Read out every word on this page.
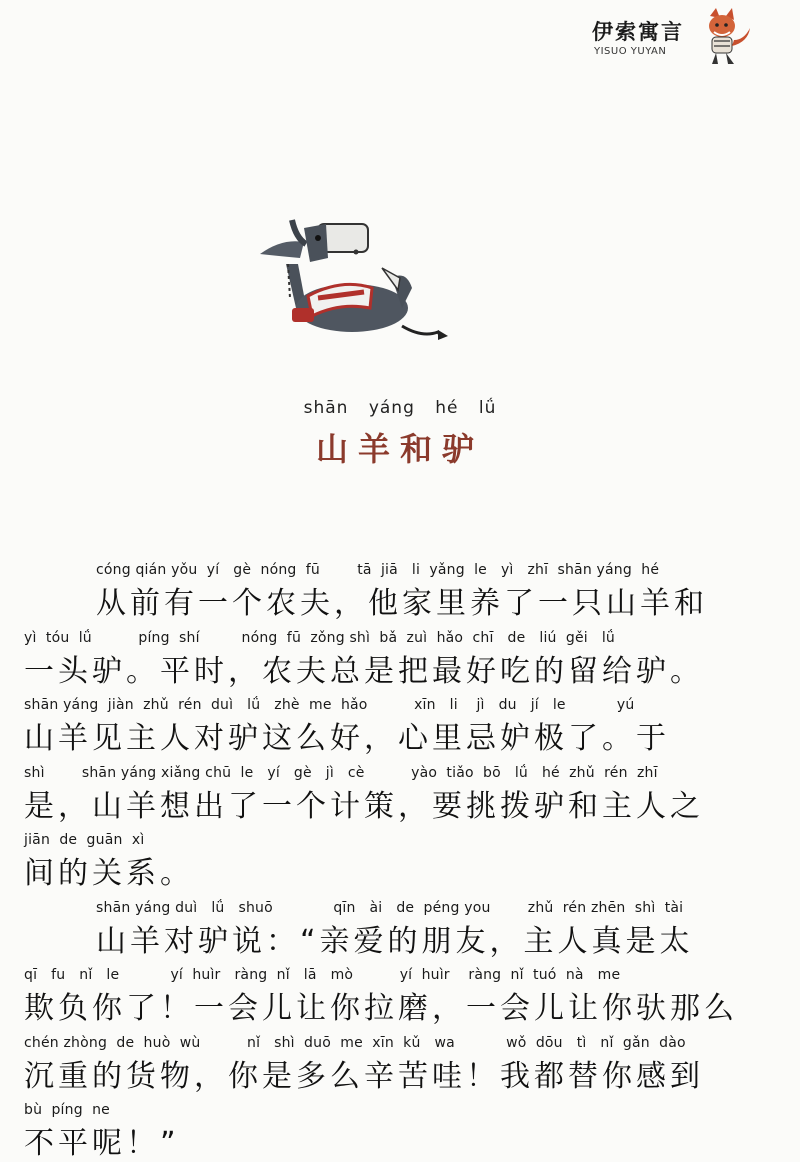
伊索寓言
YISUO YUYAN
shān yáng hé lǘ
山羊和驴
cóng qián yǒu  yí   gè  nóng  fū        tā  jiā   li  yǎng  le   yì   zhī  shān yáng  hé
从前有一个农夫，他家里养了一只山羊和
yì  tóu  lǘ          píng  shí         nóng  fū  zǒng shì  bǎ  zuì  hǎo  chī   de   liú  gěi   lǘ
一头驴。平时，农夫总是把最好吃的留给驴。
shān yáng  jiàn  zhǔ  rén  duì   lǘ   zhè  me  hǎo          xīn   li    jì   du   jí   le           yú
山羊见主人对驴这么好，心里忌妒极了。于
shì        shān yáng xiǎng chū  le   yí   gè   jì   cè          yào  tiǎo  bō   lǘ   hé  zhǔ  rén  zhī
是，山羊想出了一个计策，要挑拨驴和主人之
jiān  de  guān  xì
间的关系。
shān yáng duì   lǘ   shuō             qīn   ài   de  péng you        zhǔ  rén zhēn  shì  tài
山羊对驴说：“亲爱的朋友，主人真是太
qī   fu   nǐ   le           yí  huìr   ràng  nǐ   lā   mò          yí  huìr    ràng  nǐ  tuó  nà   me
欺负你了！一会儿让你拉磨，一会儿让你驮那么
chén zhòng  de  huò  wù          nǐ   shì  duō  me  xīn  kǔ   wa           wǒ  dōu   tì   nǐ  gǎn  dào
沉重的货物，你是多么辛苦哇！我都替你感到
bù  píng  ne
不平呢！”
